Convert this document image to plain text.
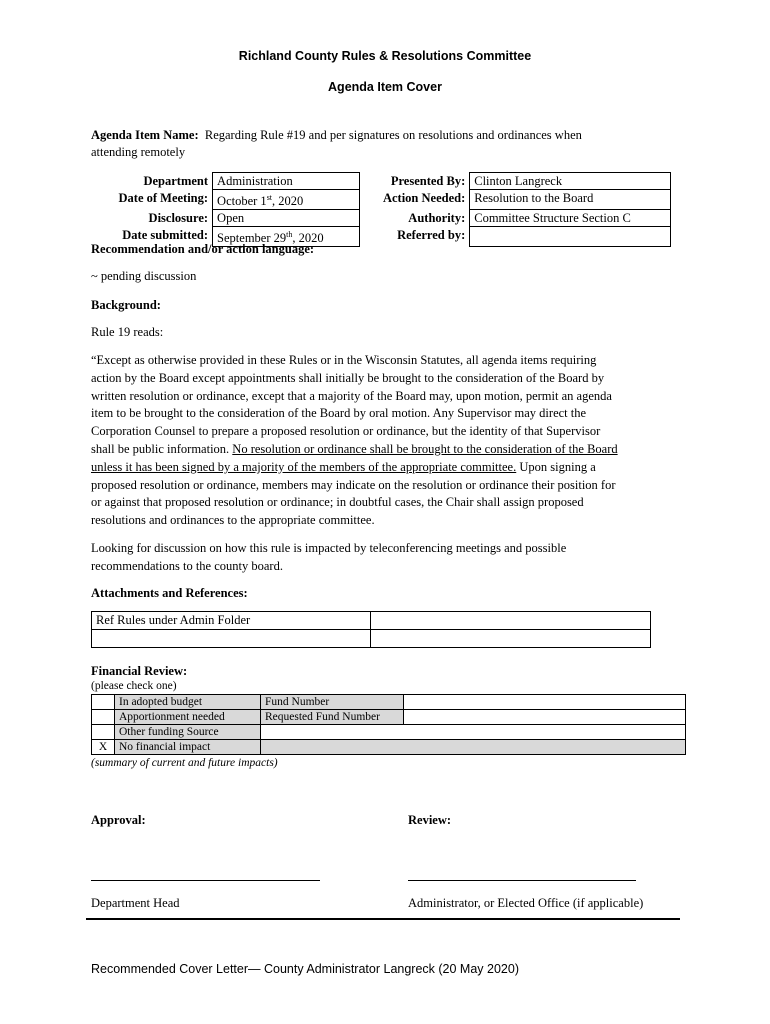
Richland County Rules & Resolutions Committee
Agenda Item Cover
Agenda Item Name: Regarding Rule #19 and per signatures on resolutions and ordinances when
attending remotely
Department	Administration	Presented By:	Clinton Langreck
Date of Meeting:	October 1st, 2020	Action Needed:	Resolution to the Board
Disclosure:	Open	Authority:	Committee Structure Section C
Date submitted:	September 29th, 2020	Referred by:	
Recommendation and/or action language:
~ pending discussion
Background:
Rule 19 reads:
“Except as otherwise provided in these Rules or in the Wisconsin Statutes, all agenda items requiring
action by the Board except appointments shall initially be brought to the consideration of the Board by
written resolution or ordinance, except that a majority of the Board may, upon motion, permit an agenda
item to be brought to the consideration of the Board by oral motion. Any Supervisor may direct the
Corporation Counsel to prepare a proposed resolution or ordinance, but the identity of that Supervisor
shall be public information. No resolution or ordinance shall be brought to the consideration of the Board
unless it has been signed by a majority of the members of the appropriate committee. Upon signing a
proposed resolution or ordinance, members may indicate on the resolution or ordinance their position for
or against that proposed resolution or ordinance; in doubtful cases, the Chair shall assign proposed
resolutions and ordinances to the appropriate committee.
Looking for discussion on how this rule is impacted by teleconferencing meetings and possible
recommendations to the county board.
Attachments and References:
Ref Rules under Admin Folder	

Financial Review:
(please check one)
	In adopted budget	Fund Number	
	Apportionment needed	Requested Fund Number	
	Other funding Source		
X	No financial impact		
(summary of current and future impacts)
Approval:	Review:
Department Head	Administrator, or Elected Office (if applicable)
Recommended Cover Letter— County Administrator Langreck (20 May 2020)
